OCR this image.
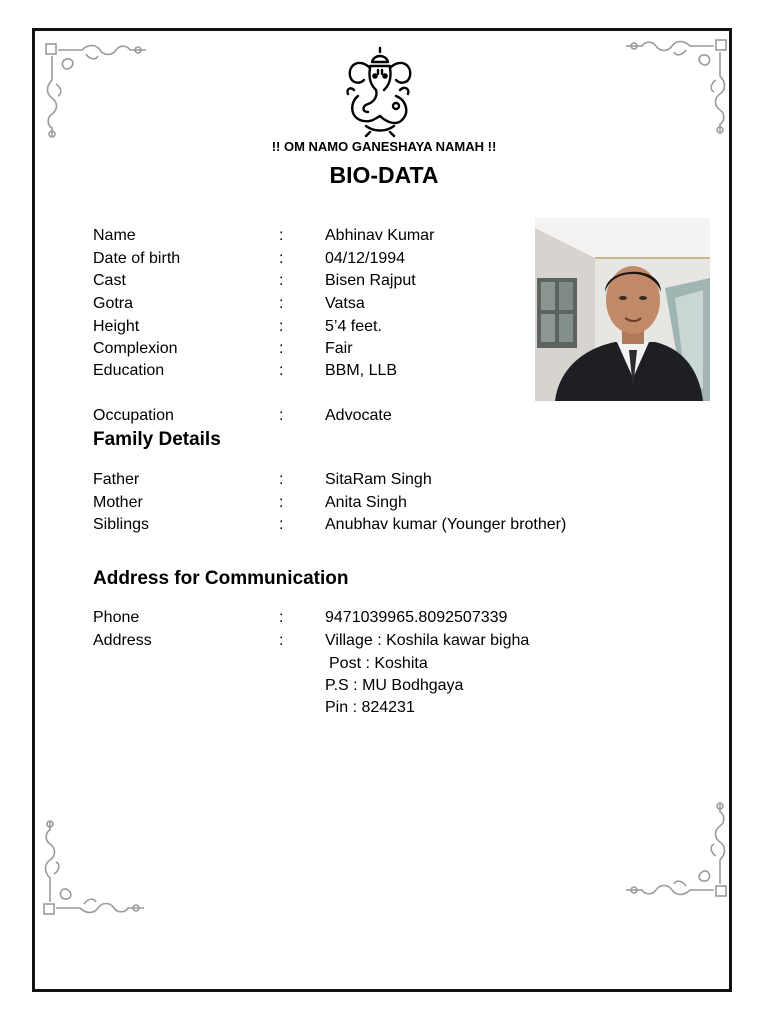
!! OM NAMO GANESHAYA NAMAH !!
BIO-DATA
Name	:	Abhinav Kumar
Date of birth	:	04/12/1994
Cast	:	Bisen Rajput
Gotra	:	Vatsa
Height	:	5’4 feet.
Complexion	:	Fair
Education	:	BBM, LLB
Occupation	:	Advocate
Family Details
Father	:	SitaRam Singh
Mother	:	Anita Singh
Siblings	:	Anubhav kumar (Younger brother)
Address for Communication
Phone	:	9471039965.8092507339
Address	:	Village : Koshila kawar bigha
Post : Koshita
P.S : MU Bodhgaya
Pin : 824231
